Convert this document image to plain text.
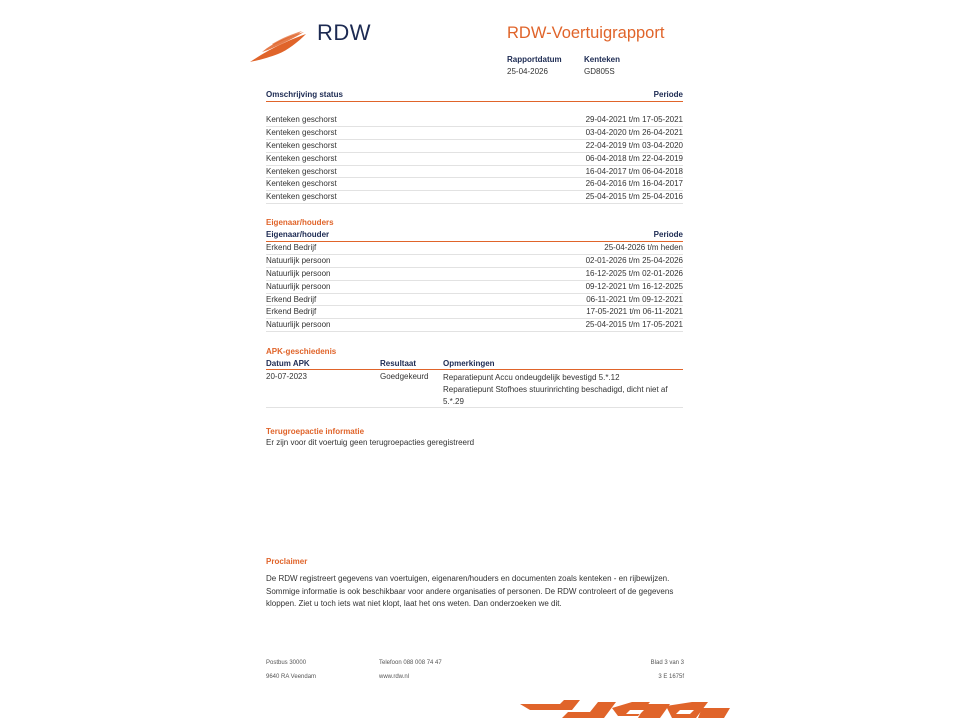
RDW	RDW-Voertuigrapport
Rapportdatum
25-04-2026
Kenteken
GD805S
Omschrijving status	Periode
Kenteken geschorst	29-04-2021 t/m 17-05-2021
Kenteken geschorst	03-04-2020 t/m 26-04-2021
Kenteken geschorst	22-04-2019 t/m 03-04-2020
Kenteken geschorst	06-04-2018 t/m 22-04-2019
Kenteken geschorst	16-04-2017 t/m 06-04-2018
Kenteken geschorst	26-04-2016 t/m 16-04-2017
Kenteken geschorst	25-04-2015 t/m 25-04-2016
Eigenaar/houders
Eigenaar/houder	Periode
Erkend Bedrijf	25-04-2026 t/m heden
Natuurlijk persoon	02-01-2026 t/m 25-04-2026
Natuurlijk persoon	16-12-2025 t/m 02-01-2026
Natuurlijk persoon	09-12-2021 t/m 16-12-2025
Erkend Bedrijf	06-11-2021 t/m 09-12-2021
Erkend Bedrijf	17-05-2021 t/m 06-11-2021
Natuurlijk persoon	25-04-2015 t/m 17-05-2021
APK-geschiedenis
Datum APK	Resultaat	Opmerkingen
20-07-2023	Goedgekeurd Reparatiepunt Accu ondeugdelijk bevestigd 5.*.12
Reparatiepunt Stofhoes stuurinrichting beschadigd, dicht niet af 5.*.29
Terugroepactie informatie
Er zijn voor dit voertuig geen terugroepacties geregistreerd
Proclaimer
De RDW registreert gegevens van voertuigen, eigenaren/houders en documenten zoals kenteken - en rijbewijzen. Sommige informatie is ook beschikbaar voor andere organisaties of personen. De RDW controleert of de gegevens kloppen. Ziet u toch iets wat niet klopt, laat het ons weten. Dan onderzoeken we dit.
Postbus 30000
9640 RA Veendam
Telefoon 088 008 74 47
www.rdw.nl
Blad 3 van 3
3 E 1675f
